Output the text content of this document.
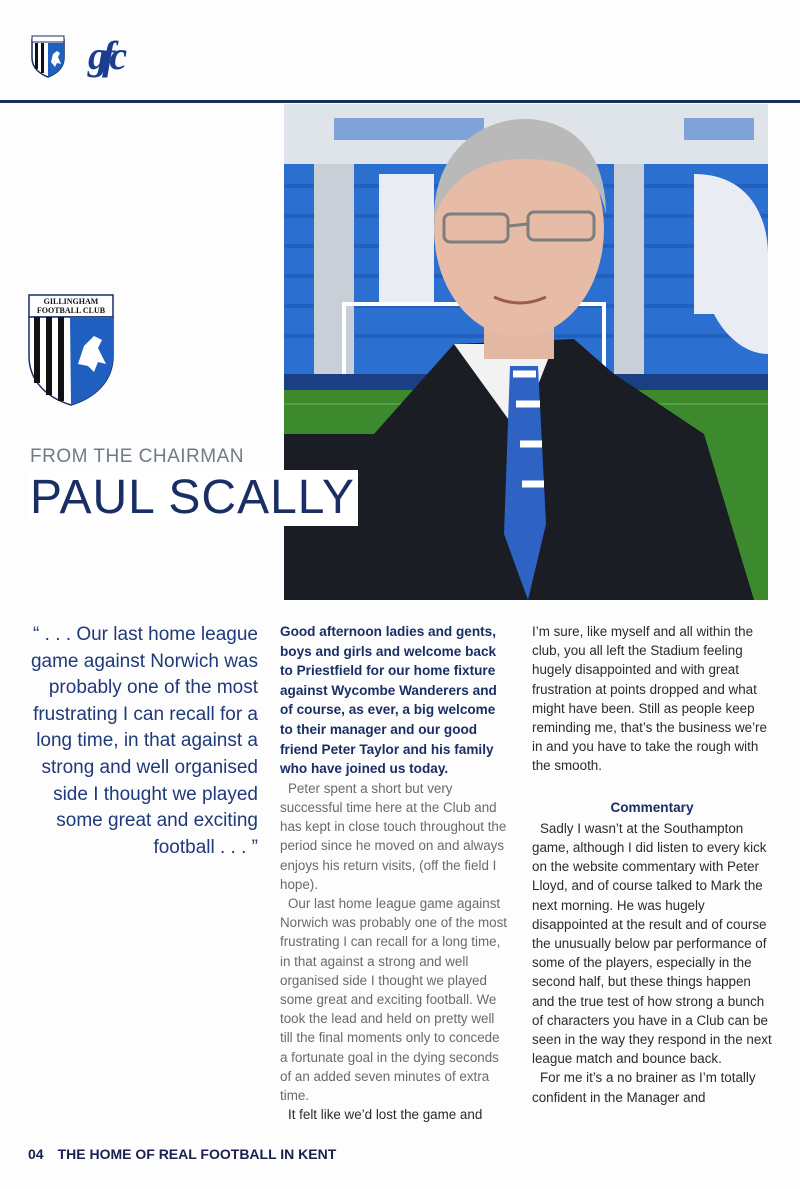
gfc
GILLINGHAM
FOOTBALL CLUB
FROM THE CHAIRMAN
PAUL SCALLY

“ . . . Our last home league game against Norwich was probably one of the most frustrating I can recall for a long time, in that against a strong and well organised side I thought we played some great and exciting football . . . ”

Good afternoon ladies and gents, boys and girls and welcome back to Priestfield for our home fixture against Wycombe Wanderers and of course, as ever, a big welcome to their manager and our good friend Peter Taylor and his family who have joined us today.

Peter spent a short but very successful time here at the Club and has kept in close touch throughout the period since he moved on and always enjoys his return visits, (off the field I hope).

Our last home league game against Norwich was probably one of the most frustrating I can recall for a long time, in that against a strong and well organised side I thought we played some great and exciting football. We took the lead and held on pretty well till the final moments only to concede a fortunate goal in the dying seconds of an added seven minutes of extra time.

It felt like we’d lost the game and

I’m sure, like myself and all within the club, you all left the Stadium feeling hugely disappointed and with great frustration at points dropped and what might have been. Still as people keep reminding me, that’s the business we’re in and you have to take the rough with the smooth.

Commentary

Sadly I wasn’t at the Southampton game, although I did listen to every kick on the website commentary with Peter Lloyd, and of course talked to Mark the next morning. He was hugely disappointed at the result and of course the unusually below par performance of some of the players, especially in the second half, but these things happen and the true test of how strong a bunch of characters you have in a Club can be seen in the way they respond in the next league match and bounce back.

For me it’s a no brainer as I’m totally confident in the Manager and

04 THE HOME OF REAL FOOTBALL IN KENT
